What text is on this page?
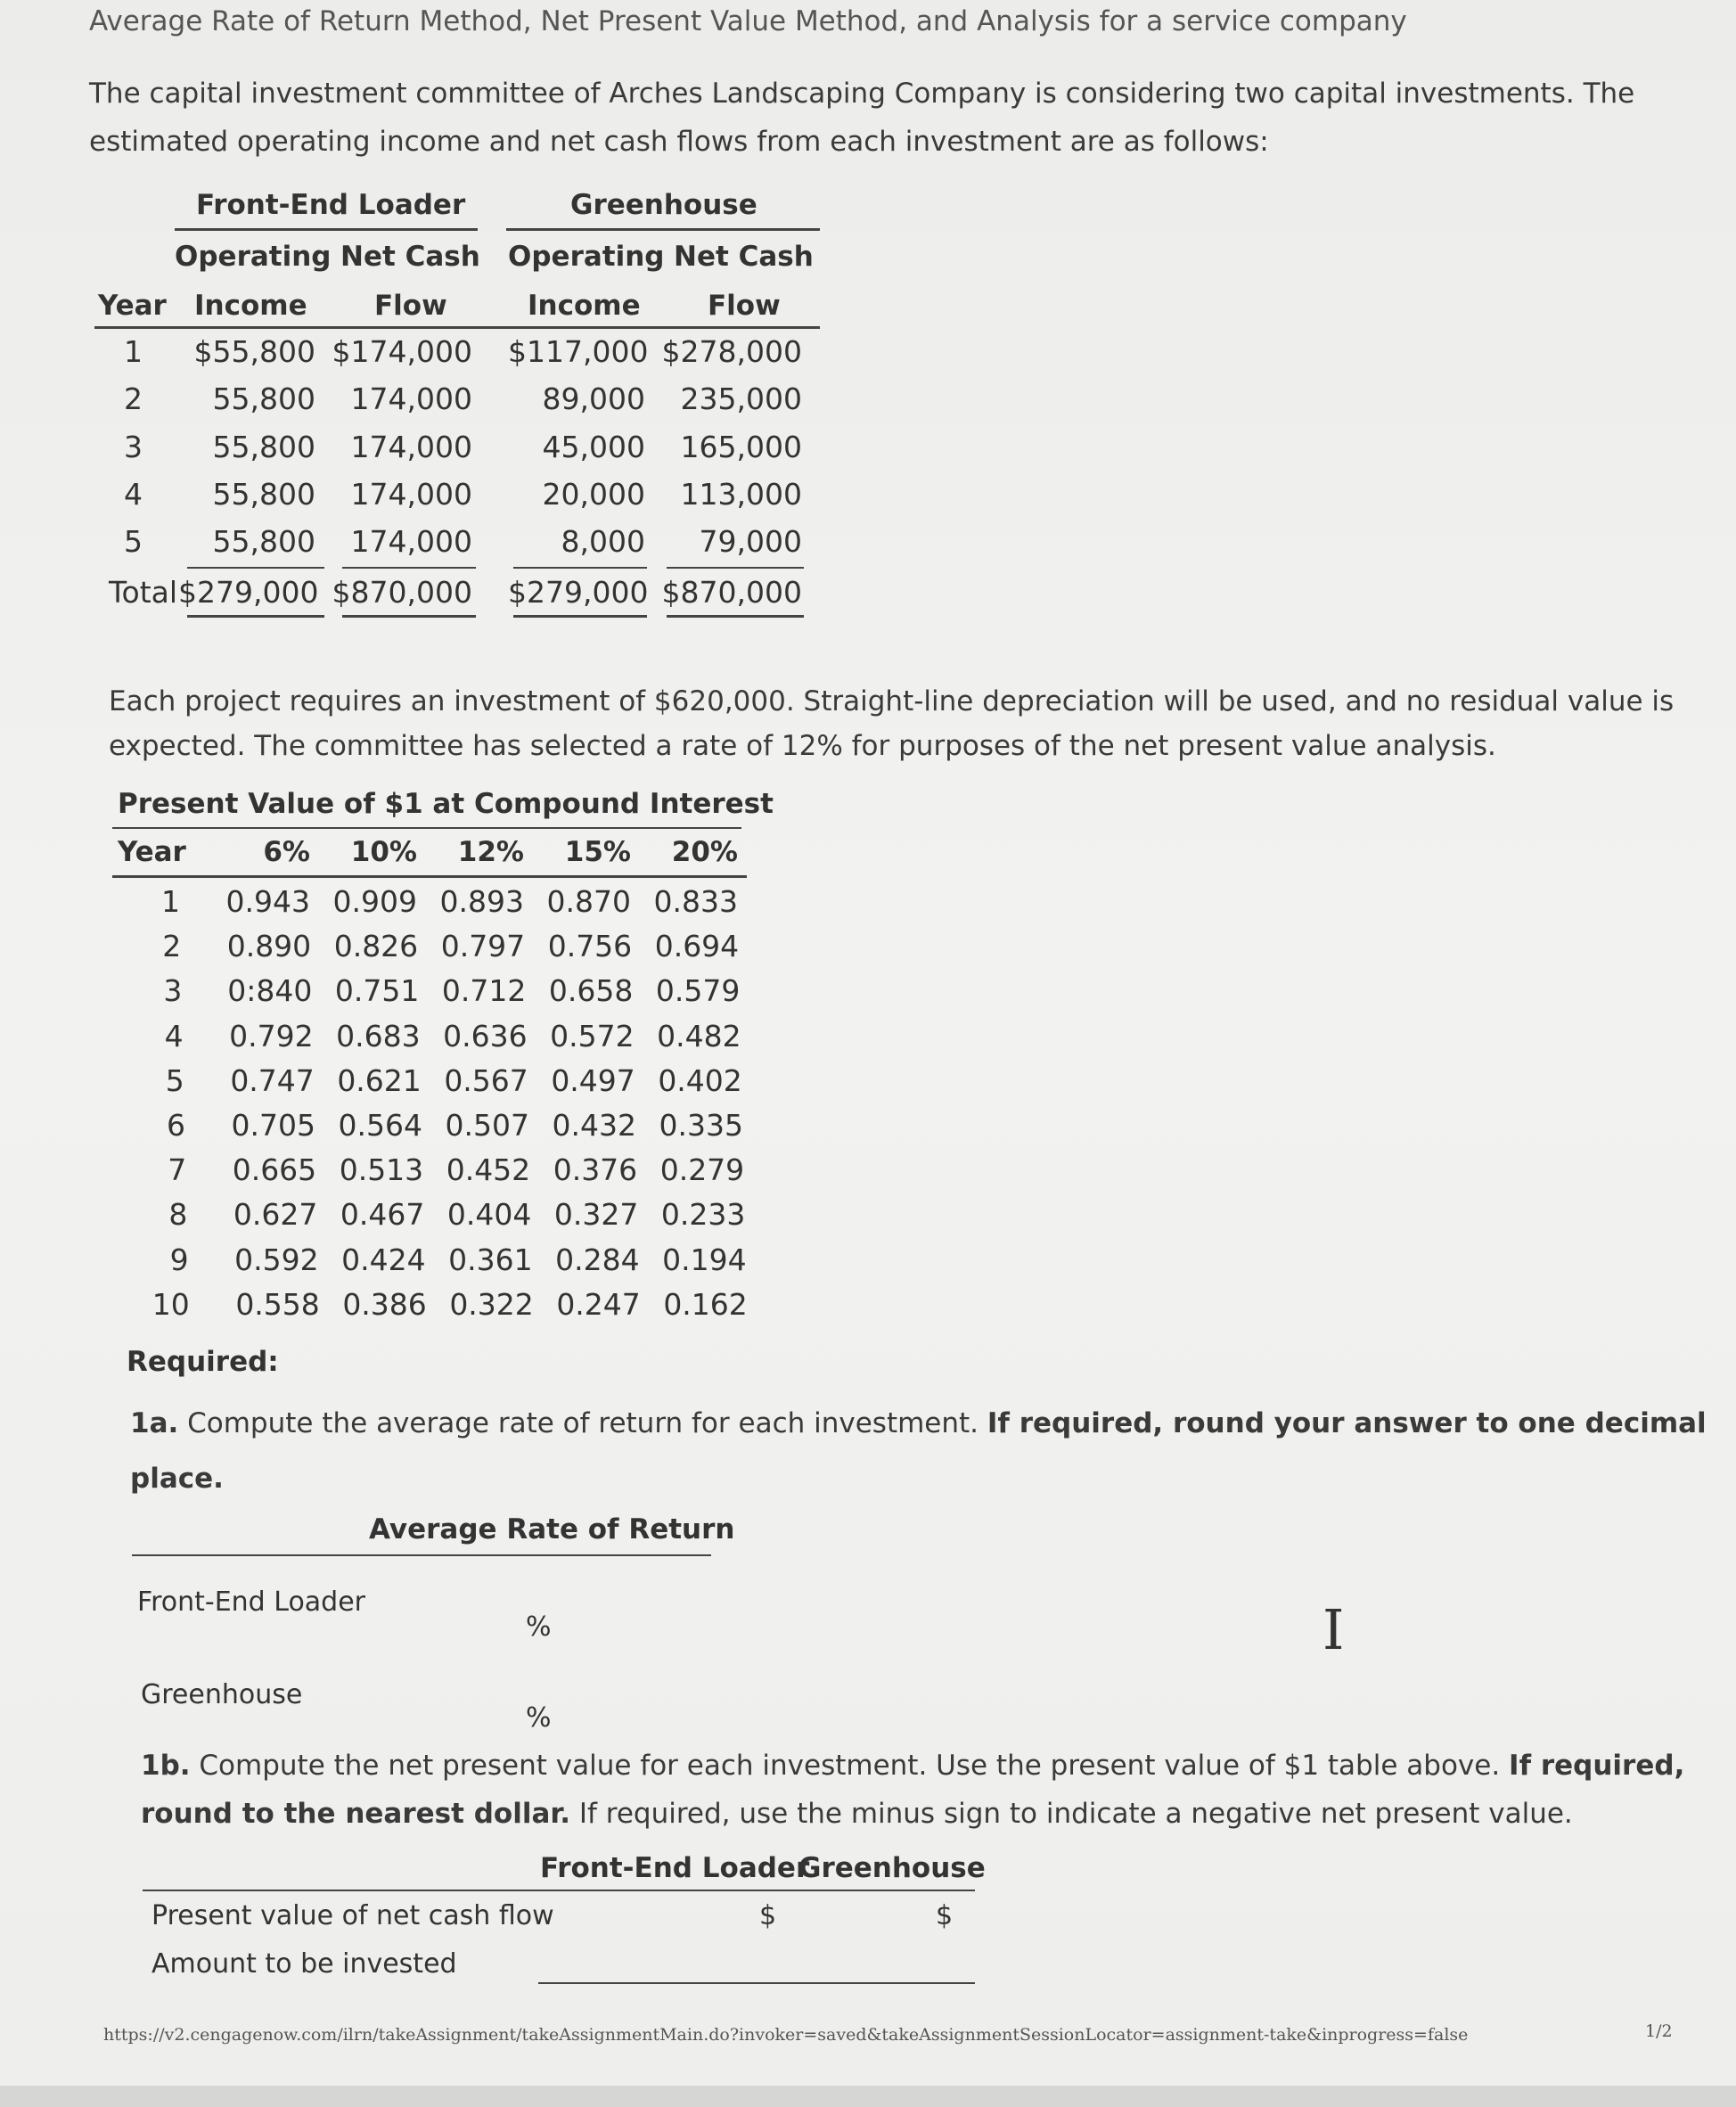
Average Rate of Return Method, Net Present Value Method, and Analysis for a service company
The capital investment committee of Arches Landscaping Company is considering two capital investments. The
estimated operating income and net cash flows from each investment are as follows:
Front-End Loader	Greenhouse
Operating Net Cash Operating Net Cash
Year Income Flow	Income Flow
1	$55,800 $174,000 $117,000 $278,000
2	55,800	174,000	89,000	235,000
3	55,800	174,000	45,000	165,000
4	55,800	174,000	20,000	113,000
5	55,800	174,000	8,000	79,000
Total $279,000 $870,000 $279,000 $870,000
Each project requires an investment of $620,000. Straight-line depreciation will be used, and no residual value is
expected. The committee has selected a rate of 12% for purposes of the net present value analysis.
Present Value of $1 at Compound Interest
Year	6%	10%	12%	15%	20%
1	0.943 0.909 0.893 0.870 0.833
2	0.890 0.826 0.797 0.756 0.694
3	0:840 0.751 0.712 0.658 0.579
4	0.792 0.683 0.636 0.572 0.482
5	0.747 0.621 0.567 0.497 0.402
6	0.705 0.564 0.507 0.432 0.335
7	0.665 0.513 0.452 0.376 0.279
8	0.627 0.467 0.404 0.327 0.233
9	0.592 0.424 0.361 0.284 0.194
10	0.558 0.386 0.322 0.247 0.162
Required:
1a. Compute the average rate of return for each investment. If required, round your answer to one decimal
place.
Average Rate of Return
Front-End Loader
%
Greenhouse
%
I
1b. Compute the net present value for each investment. Use the present value of $1 table above. If required,
round to the nearest dollar. If required, use the minus sign to indicate a negative net present value.
Front-End Loader
Greenhouse
Present value of net cash flow	$	$
Amount to be invested
https://v2.cengagenow.com/ilrn/takeAssignment/takeAssignmentMain.do?invoker=saved&takeAssignmentSessionLocator=assignment-take&inprogress=false	1/2
